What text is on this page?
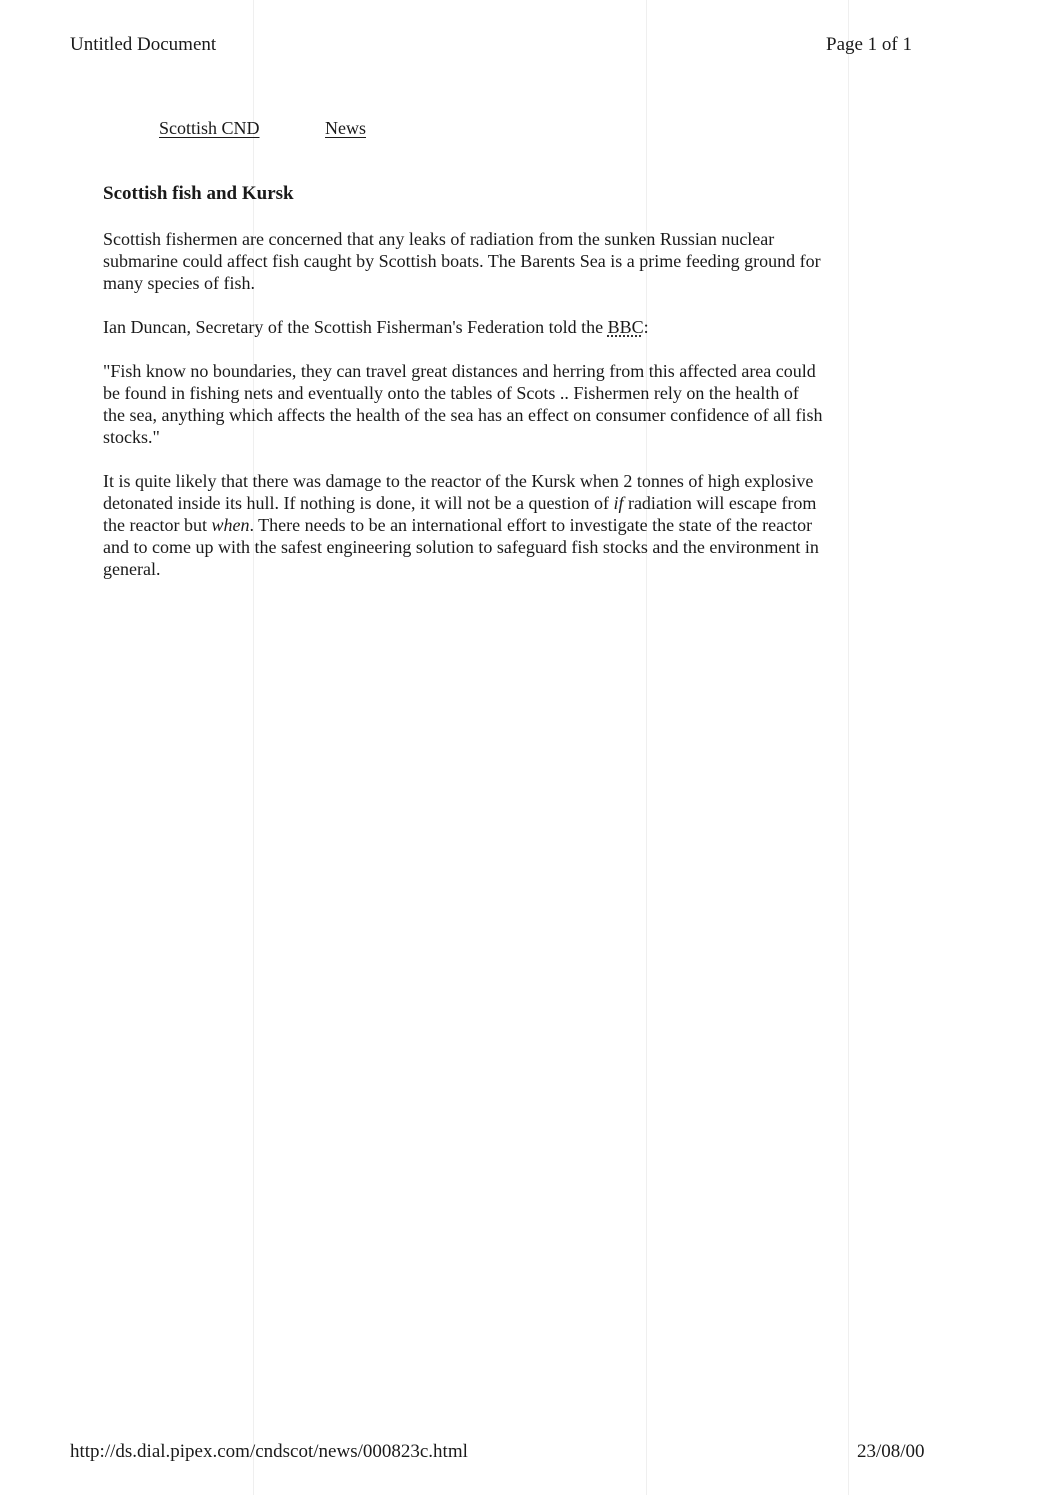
Untitled Document	Page 1 of 1
Scottish CND	News
Scottish fish and Kursk

Scottish fishermen are concerned that any leaks of radiation from the sunken Russian nuclear submarine could affect fish caught by Scottish boats. The Barents Sea is a prime feeding ground for many species of fish.

Ian Duncan, Secretary of the Scottish Fisherman's Federation told the BBC:

"Fish know no boundaries, they can travel great distances and herring from this affected area could be found in fishing nets and eventually onto the tables of Scots .. Fishermen rely on the health of the sea, anything which affects the health of the sea has an effect on consumer confidence of all fish stocks."

It is quite likely that there was damage to the reactor of the Kursk when 2 tonnes of high explosive detonated inside its hull. If nothing is done, it will not be a question of if radiation will escape from the reactor but when. There needs to be an international effort to investigate the state of the reactor and to come up with the safest engineering solution to safeguard fish stocks and the environment in general.

http://ds.dial.pipex.com/cndscot/news/000823c.html	23/08/00
